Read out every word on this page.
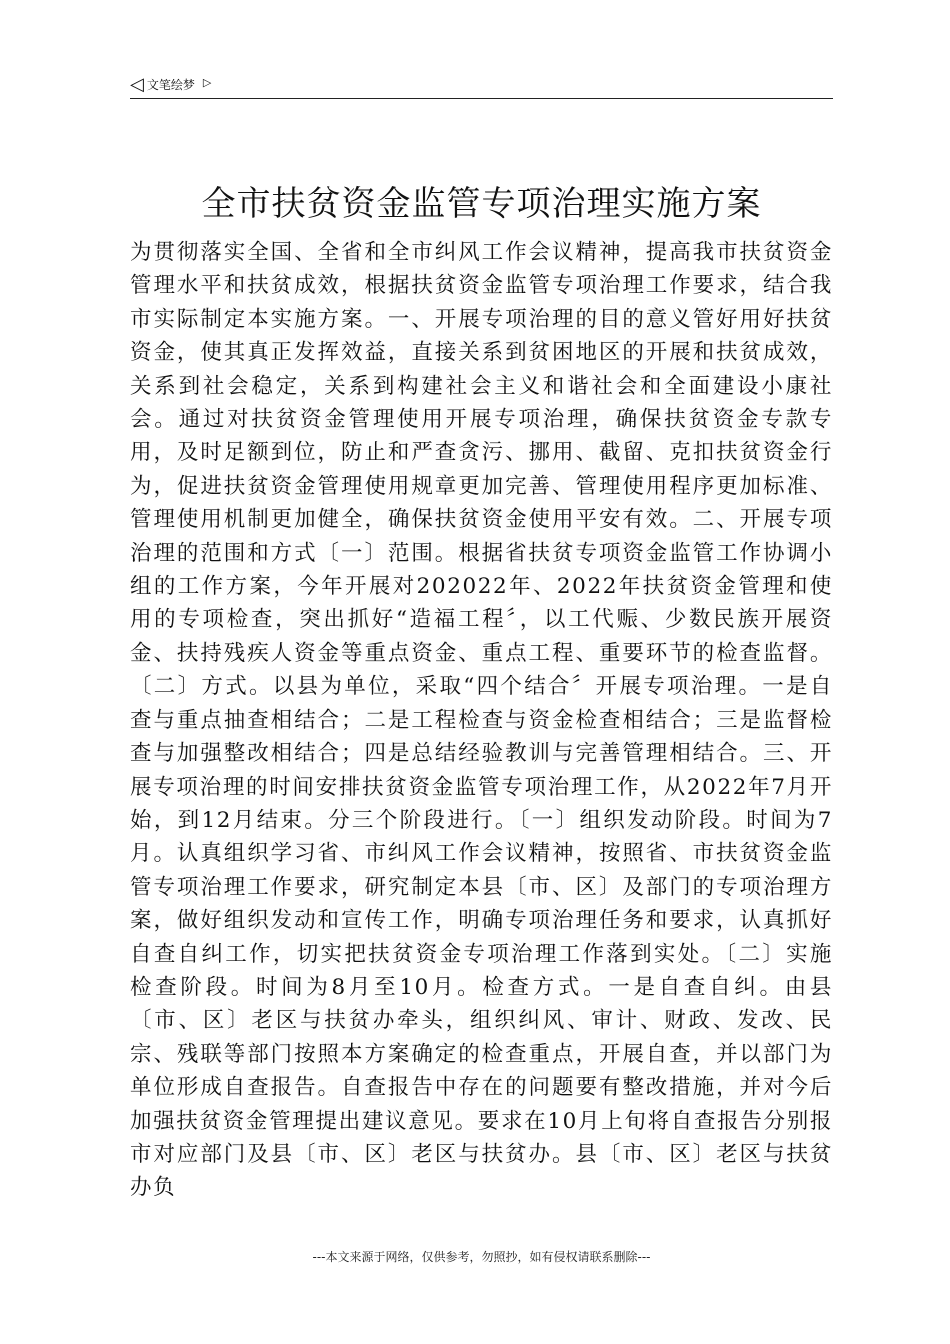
◁ 文笔绘梦 ▷
全市扶贫资金监管专项治理实施方案

为贯彻落实全国、全省和全市纠风工作会议精神，提高我市扶贫资金管理水平和扶贫成效，根据扶贫资金监管专项治理工作要求，结合我市实际制定本实施方案。一、开展专项治理的目的意义管好用好扶贫资金，使其真正发挥效益，直接关系到贫困地区的开展和扶贫成效，关系到社会稳定，关系到构建社会主义和谐社会和全面建设小康社会。通过对扶贫资金管理使用开展专项治理，确保扶贫资金专款专用，及时足额到位，防止和严查贪污、挪用、截留、克扣扶贫资金行为，促进扶贫资金管理使用规章更加完善、管理使用程序更加标准、管理使用机制更加健全，确保扶贫资金使用平安有效。二、开展专项治理的范围和方式〔一〕范围。根据省扶贫专项资金监管工作协调小组的工作方案，今年开展对202022年、2022年扶贫资金管理和使用的专项检查，突出抓好“造福工程〞，以工代赈、少数民族开展资金、扶持残疾人资金等重点资金、重点工程、重要环节的检查监督。〔二〕方式。以县为单位，采取“四个结合〞开展专项治理。一是自查与重点抽查相结合；二是工程检查与资金检查相结合；三是监督检查与加强整改相结合；四是总结经验教训与完善管理相结合。三、开展专项治理的时间安排扶贫资金监管专项治理工作，从2022年7月开始，到12月结束。分三个阶段进行。〔一〕组织发动阶段。时间为7月。认真组织学习省、市纠风工作会议精神，按照省、市扶贫资金监管专项治理工作要求，研究制定本县〔市、区〕及部门的专项治理方案，做好组织发动和宣传工作，明确专项治理任务和要求，认真抓好自查自纠工作，切实把扶贫资金专项治理工作落到实处。〔二〕实施检查阶段。时间为8月至10月。检查方式。一是自查自纠。由县〔市、区〕老区与扶贫办牵头，组织纠风、审计、财政、发改、民宗、残联等部门按照本方案确定的检查重点，开展自查，并以部门为单位形成自查报告。自查报告中存在的问题要有整改措施，并对今后加强扶贫资金管理提出建议意见。要求在10月上旬将自查报告分别报市对应部门及县〔市、区〕老区与扶贫办。县〔市、区〕老区与扶贫办负

---本文来源于网络，仅供参考，勿照抄，如有侵权请联系删除---
